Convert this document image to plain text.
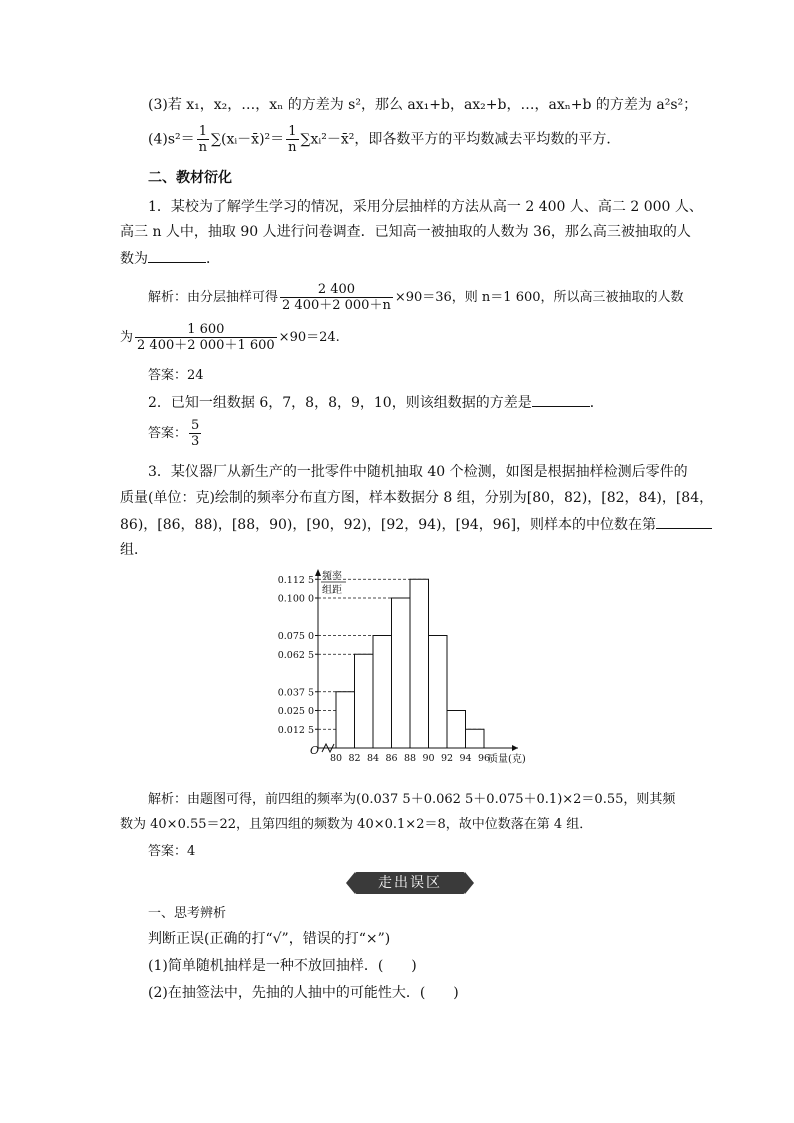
(3)若 x₁，x₂，…，xₙ 的方差为 s²，那么 ax₁+b，ax₂+b，…，axₙ+b 的方差为 a²s²；
$(4)s^2= \frac{1}{n}$ ∑(xᵢ－x̄)²＝ $\frac{1}{n}$ ∑xᵢ²－x̄²，即各数平方的平均数减去平均数的平方．
二、教材衍化
1．某校为了解学生学习的情况，采用分层抽样的方法从高一 2 400 人、高二 2 000 人、
高三 n 人中，抽取 90 人进行问卷调查．已知高一被抽取的人数为 36，那么高三被抽取的人
数为	．
解析：由分层抽样可得 $\frac{2 400}{2 400+2 000+n} \times 90=36$，则 n＝1 600，所以高三被抽取的人数
为 $\frac{1 600}{2 400+2 000+1 600} \times 90=24$.
答案：24
2．已知一组数据 6，7，8，8，9，10，则该组数据的方差是	．
答案： $\frac{5}{3}$
3．某仪器厂从新生产的一批零件中随机抽取 40 个检测，如图是根据抽样检测后零件的
质量(单位：克)绘制的频率分布直方图，样本数据分 8 组，分别为[80，82)，[82，84)，[84，
86)，[86，88)，[88，90)，[90，92)，[92，94)，[94，96]，则样本的中位数在第
组．
0.012 5
0.025 0
0.037 5
0.062 5
0.075 0
0.100 0
0.112 5
80 82 84 86 88 90 92 94 96
O
频率
组距
质量(克)
解析：由题图可得，前四组的频率为(0.037 5＋0.062 5＋0.075＋0.1)×2＝0.55，则其频
数为 40×0.55＝22，且第四组的频数为 40×0.1×2＝8，故中位数落在第 4 组．
答案：4
走出误区
一、思考辨析
判断正误(正确的打“√”，错误的打“×”)
(1)简单随机抽样是一种不放回抽样．(　　)
(2)在抽签法中，先抽的人抽中的可能性大．(　　)
